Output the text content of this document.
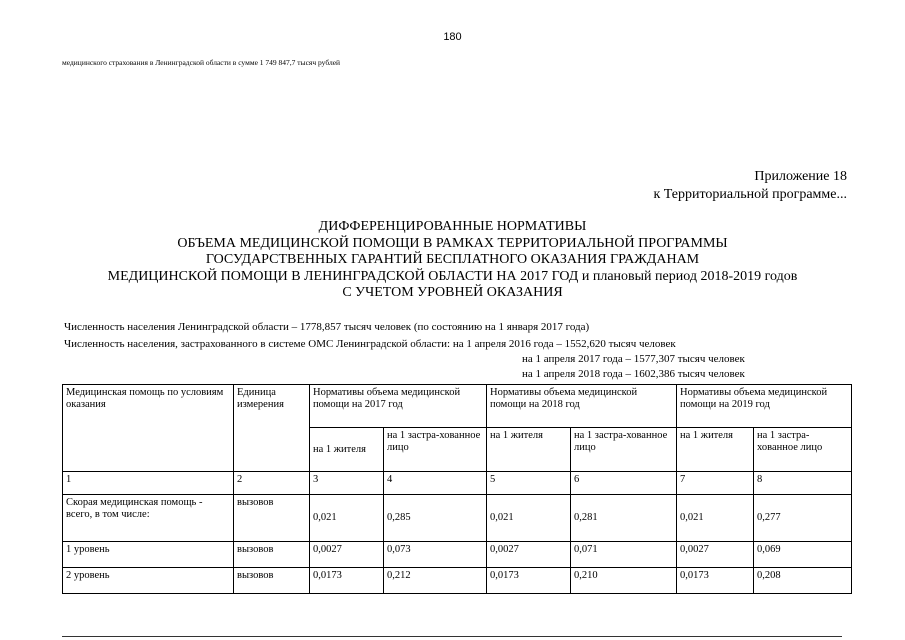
180
медицинского страхования в Ленинградской области в сумме 1 749 847,7 тысяч рублей
Приложение 18
к Территориальной программе...
ДИФФЕРЕНЦИРОВАННЫЕ НОРМАТИВЫ
ОБЪЕМА МЕДИЦИНСКОЙ ПОМОЩИ В РАМКАХ ТЕРРИТОРИАЛЬНОЙ ПРОГРАММЫ
ГОСУДАРСТВЕННЫХ ГАРАНТИЙ БЕСПЛАТНОГО ОКАЗАНИЯ ГРАЖДАНАМ
МЕДИЦИНСКОЙ ПОМОЩИ В ЛЕНИНГРАДСКОЙ ОБЛАСТИ НА 2017 ГОД и плановый период 2018-2019 годов
С УЧЕТОМ УРОВНЕЙ ОКАЗАНИЯ
Численность населения Ленинградской области – 1778,857 тысяч человек (по состоянию на 1 января 2017 года)
Численность населения, застрахованного в системе ОМС Ленинградской области: на 1 апреля 2016 года – 1552,620 тысяч человек
на 1 апреля 2017 года – 1577,307 тысяч человек
на 1 апреля 2018 года – 1602,386 тысяч человек
Медицинская помощь по условиям оказания	Единица измерения	Нормативы объема медицинской помощи на 2017 год		Нормативы объема медицинской помощи на 2018 год		Нормативы объема медицинской помощи на 2019 год	
		на 1 жителя	на 1 застра-хованное лицо	на 1 жителя	на 1 застра-хованное лицо	на 1 жителя	на 1 застра-хованное лицо
1	2	3	4	5	6	7	8
Скорая медицинская помощь - всего, в том числе:	вызовов	0,021	0,285	0,021	0,281	0,021	0,277
1 уровень	вызовов	0,0027	0,073	0,0027	0,071	0,0027	0,069
2 уровень	вызовов	0,0173	0,212	0,0173	0,210	0,0173	0,208
